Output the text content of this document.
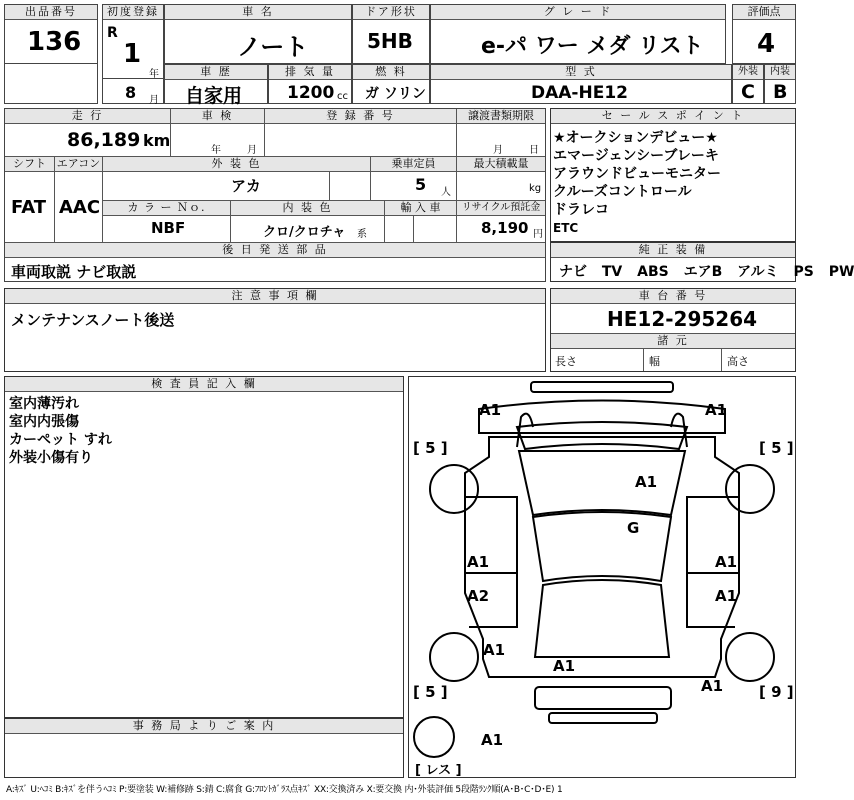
出品番号
136
初度登録
R
1
年
8 月
車 名
ノート
ドア形状
5HB
グ レ ー ド
e-パ ワー メダ リスト
評価点
4
車 歴
自家用
排 気 量
1200 cc
燃 料
ガ ソリン
型 式
DAA-HE12
外装
C
内装
B
走 行
86,189 km
車 検
年	月
登 録 番 号	譲渡書類期限
月	日
シフト
FAT
エアコン
AAC
外 装 色
アカ
乗車定員
5 人
最大積載量
kg
カ ラ ー Ｎｏ.
NBF
内 装 色
クロ/クロチャ 系
輸 入 車	リサイクル預託金
8,190 円
後 日 発 送 部 品
車両取説 ナビ取説
セ ー ル ス ポ イ ン ト
★オークションデビュー★
エマージェンシーブレーキ
アラウンドビューモニター
クルーズコントロール
ドラレコ
ETC
純 正 装 備
ナビ TV ABS エアB アルミ PS PW
注 意 事 項 欄
メンテナンスノート後送
車 台 番 号
HE12-295264
諸 元
長さ	幅	高さ
検 査 員 記 入 欄
室内薄汚れ
室内内張傷
カーペット すれ
外装小傷有り
事 務 局 よ り ご 案 内
[ 5 ]	[ 5 ]
[ 5 ]	[ 9 ]
[ レス ]
A1	A1
A1
G
A1	A1
A2	A1
A1
A1
A1
A1
A:ｷｽﾞ U:ﾍｺﾐ B:ｷｽﾞを伴うﾍｺﾐ P:要塗装 W:補修跡 S:錆 C:腐食 G:ﾌﾛﾝﾄｶﾞﾗｽ点ｷｽﾞ XX:交換済み X:要交換 内･外装評価 5段階ﾗﾝｸ順(A･B･C･D･E) 1
